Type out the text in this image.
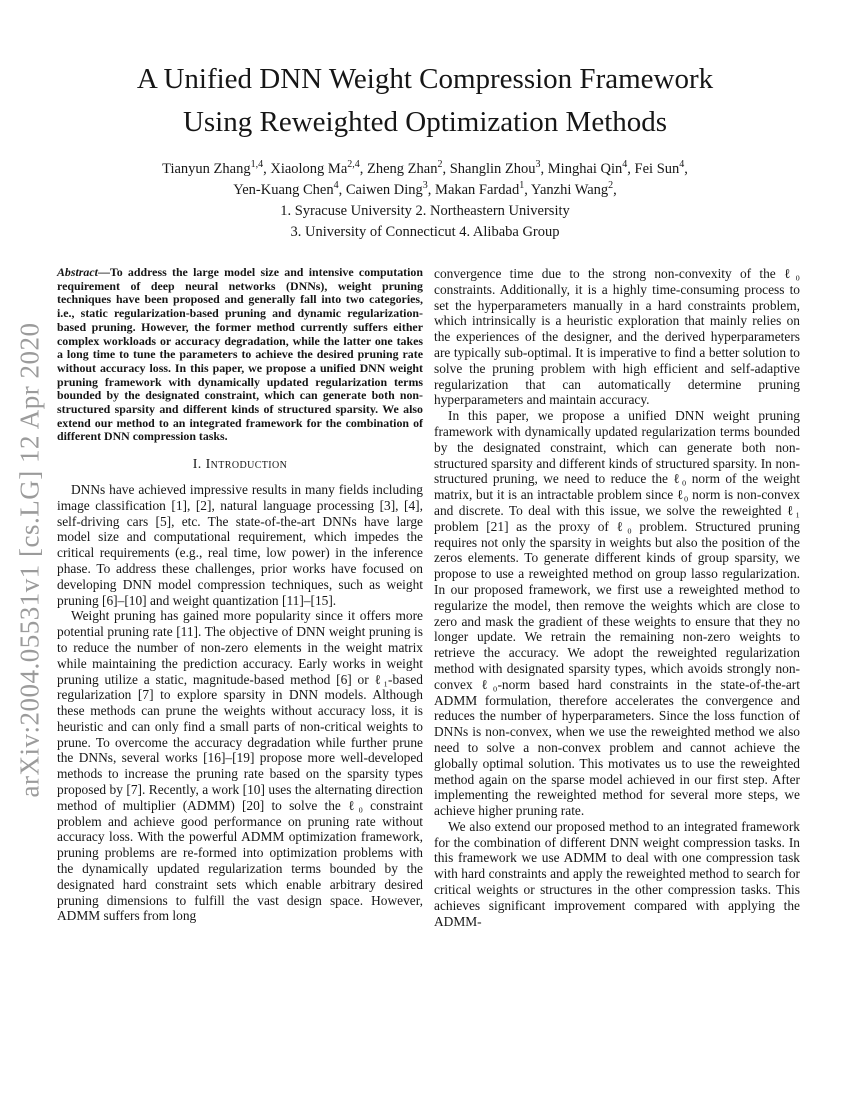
arXiv:2004.05531v1 [cs.LG] 12 Apr 2020
A Unified DNN Weight Compression Framework
Using Reweighted Optimization Methods
Tianyun Zhang$^{1,4}$, Xiaolong Ma$^{2,4}$, Zheng Zhan$^2$, Shanglin Zhou$^3$, Minghai Qin$^4$, Fei Sun$^4$,
Yen-Kuang Chen$^4$, Caiwen Ding$^3$, Makan Fardad$^1$, Yanzhi Wang$^2$,
1. Syracuse University 2. Northeastern University
3. University of Connecticut 4. Alibaba Group

Abstract—To address the large model size and intensive computation requirement of deep neural networks (DNNs), weight pruning techniques have been proposed and generally fall into two categories, i.e., static regularization-based pruning and dynamic regularization-based pruning. However, the former method currently suffers either complex workloads or accuracy degradation, while the latter one takes a long time to tune the parameters to achieve the desired pruning rate without accuracy loss. In this paper, we propose a unified DNN weight pruning framework with dynamically updated regularization terms bounded by the designated constraint, which can generate both non-structured sparsity and different kinds of structured sparsity. We also extend our method to an integrated framework for the combination of different DNN compression tasks.

I. Introduction

DNNs have achieved impressive results in many fields including image classification [1], [2], natural language processing [3], [4], self-driving cars [5], etc. The state-of-the-art DNNs have large model size and computational requirement, which impedes the critical requirements (e.g., real time, low power) in the inference phase. To address these challenges, prior works have focused on developing DNN model compression techniques, such as weight pruning [6]–[10] and weight quantization [11]–[15].

Weight pruning has gained more popularity since it offers more potential pruning rate [11]. The objective of DNN weight pruning is to reduce the number of non-zero elements in the weight matrix while maintaining the prediction accuracy. Early works in weight pruning utilize a static, magnitude-based method [6] or ℓ₁-based regularization [7] to explore sparsity in DNN models. Although these methods can prune the weights without accuracy loss, it is heuristic and can only find a small parts of non-critical weights to prune. To overcome the accuracy degradation while further prune the DNNs, several works [16]–[19] propose more well-developed methods to increase the pruning rate based on the sparsity types proposed by [7]. Recently, a work [10] uses the alternating direction method of multiplier (ADMM) [20] to solve the ℓ₀ constraint problem and achieve good performance on pruning rate without accuracy loss. With the powerful ADMM optimization framework, pruning problems are re-formed into optimization problems with the dynamically updated regularization terms bounded by the designated hard constraint sets which enable arbitrary desired pruning dimensions to fulfill the vast design space. However, ADMM suffers from long

convergence time due to the strong non-convexity of the ℓ₀ constraints. Additionally, it is a highly time-consuming process to set the hyperparameters manually in a hard constraints problem, which intrinsically is a heuristic exploration that mainly relies on the experiences of the designer, and the derived hyperparameters are typically sub-optimal. It is imperative to find a better solution to solve the pruning problem with high efficient and self-adaptive regularization that can automatically determine pruning hyperparameters and maintain accuracy.

In this paper, we propose a unified DNN weight pruning framework with dynamically updated regularization terms bounded by the designated constraint, which can generate both non-structured sparsity and different kinds of structured sparsity. In non-structured pruning, we need to reduce the ℓ₀ norm of the weight matrix, but it is an intractable problem since ℓ₀ norm is non-convex and discrete. To deal with this issue, we solve the reweighted ℓ₁ problem [21] as the proxy of ℓ₀ problem. Structured pruning requires not only the sparsity in weights but also the position of the zeros elements. To generate different kinds of group sparsity, we propose to use a reweighted method on group lasso regularization. In our proposed framework, we first use a reweighted method to regularize the model, then remove the weights which are close to zero and mask the gradient of these weights to ensure that they no longer update. We retrain the remaining non-zero weights to retrieve the accuracy. We adopt the reweighted regularization method with designated sparsity types, which avoids strongly non-convex ℓ₀-norm based hard constraints in the state-of-the-art ADMM formulation, therefore accelerates the convergence and reduces the number of hyperparameters. Since the loss function of DNNs is non-convex, when we use the reweighted method we also need to solve a non-convex problem and cannot achieve the globally optimal solution. This motivates us to use the reweighted method again on the sparse model achieved in our first step. After implementing the reweighted method for several more steps, we achieve higher pruning rate.

We also extend our proposed method to an integrated framework for the combination of different DNN weight compression tasks. In this framework we use ADMM to deal with one compression task with hard constraints and apply the reweighted method to search for critical weights or structures in the other compression tasks. This achieves significant improvement compared with applying the ADMM-
